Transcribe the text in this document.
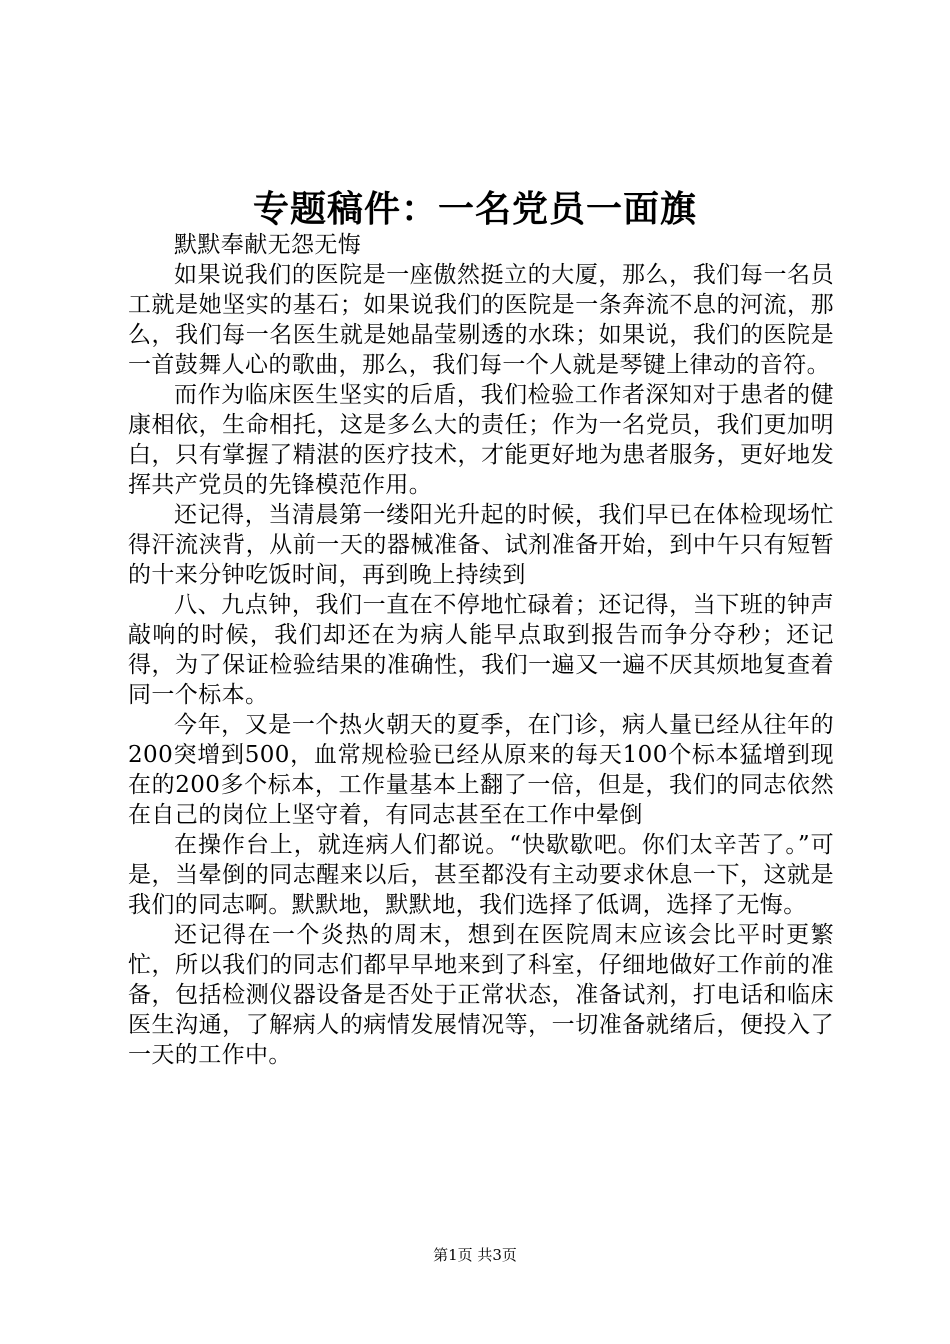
专题稿件：一名党员一面旗

默默奉献无怨无悔

如果说我们的医院是一座傲然挺立的大厦，那么，我们每一名员工就是她坚实的基石；如果说我们的医院是一条奔流不息的河流，那么，我们每一名医生就是她晶莹剔透的水珠；如果说，我们的医院是一首鼓舞人心的歌曲，那么，我们每一个人就是琴键上律动的音符。

而作为临床医生坚实的后盾，我们检验工作者深知对于患者的健康相依，生命相托，这是多么大的责任；作为一名党员，我们更加明白，只有掌握了精湛的医疗技术，才能更好地为患者服务，更好地发挥共产党员的先锋模范作用。

还记得，当清晨第一缕阳光升起的时候，我们早已在体检现场忙得汗流浃背，从前一天的器械准备、试剂准备开始，到中午只有短暂的十来分钟吃饭时间，再到晚上持续到

八、九点钟，我们一直在不停地忙碌着；还记得，当下班的钟声敲响的时候，我们却还在为病人能早点取到报告而争分夺秒；还记得，为了保证检验结果的准确性，我们一遍又一遍不厌其烦地复查着同一个标本。

今年，又是一个热火朝天的夏季，在门诊，病人量已经从往年的200突增到500，血常规检验已经从原来的每天100个标本猛增到现在的200多个标本，工作量基本上翻了一倍，但是，我们的同志依然在自己的岗位上坚守着，有同志甚至在工作中晕倒

在操作台上，就连病人们都说。“快歇歇吧。你们太辛苦了。”可是，当晕倒的同志醒来以后，甚至都没有主动要求休息一下，这就是我们的同志啊。默默地，默默地，我们选择了低调，选择了无悔。

还记得在一个炎热的周末，想到在医院周末应该会比平时更繁忙，所以我们的同志们都早早地来到了科室，仔细地做好工作前的准备，包括检测仪器设备是否处于正常状态，准备试剂，打电话和临床医生沟通，了解病人的病情发展情况等，一切准备就绪后，便投入了一天的工作中。

第1页 共3页
